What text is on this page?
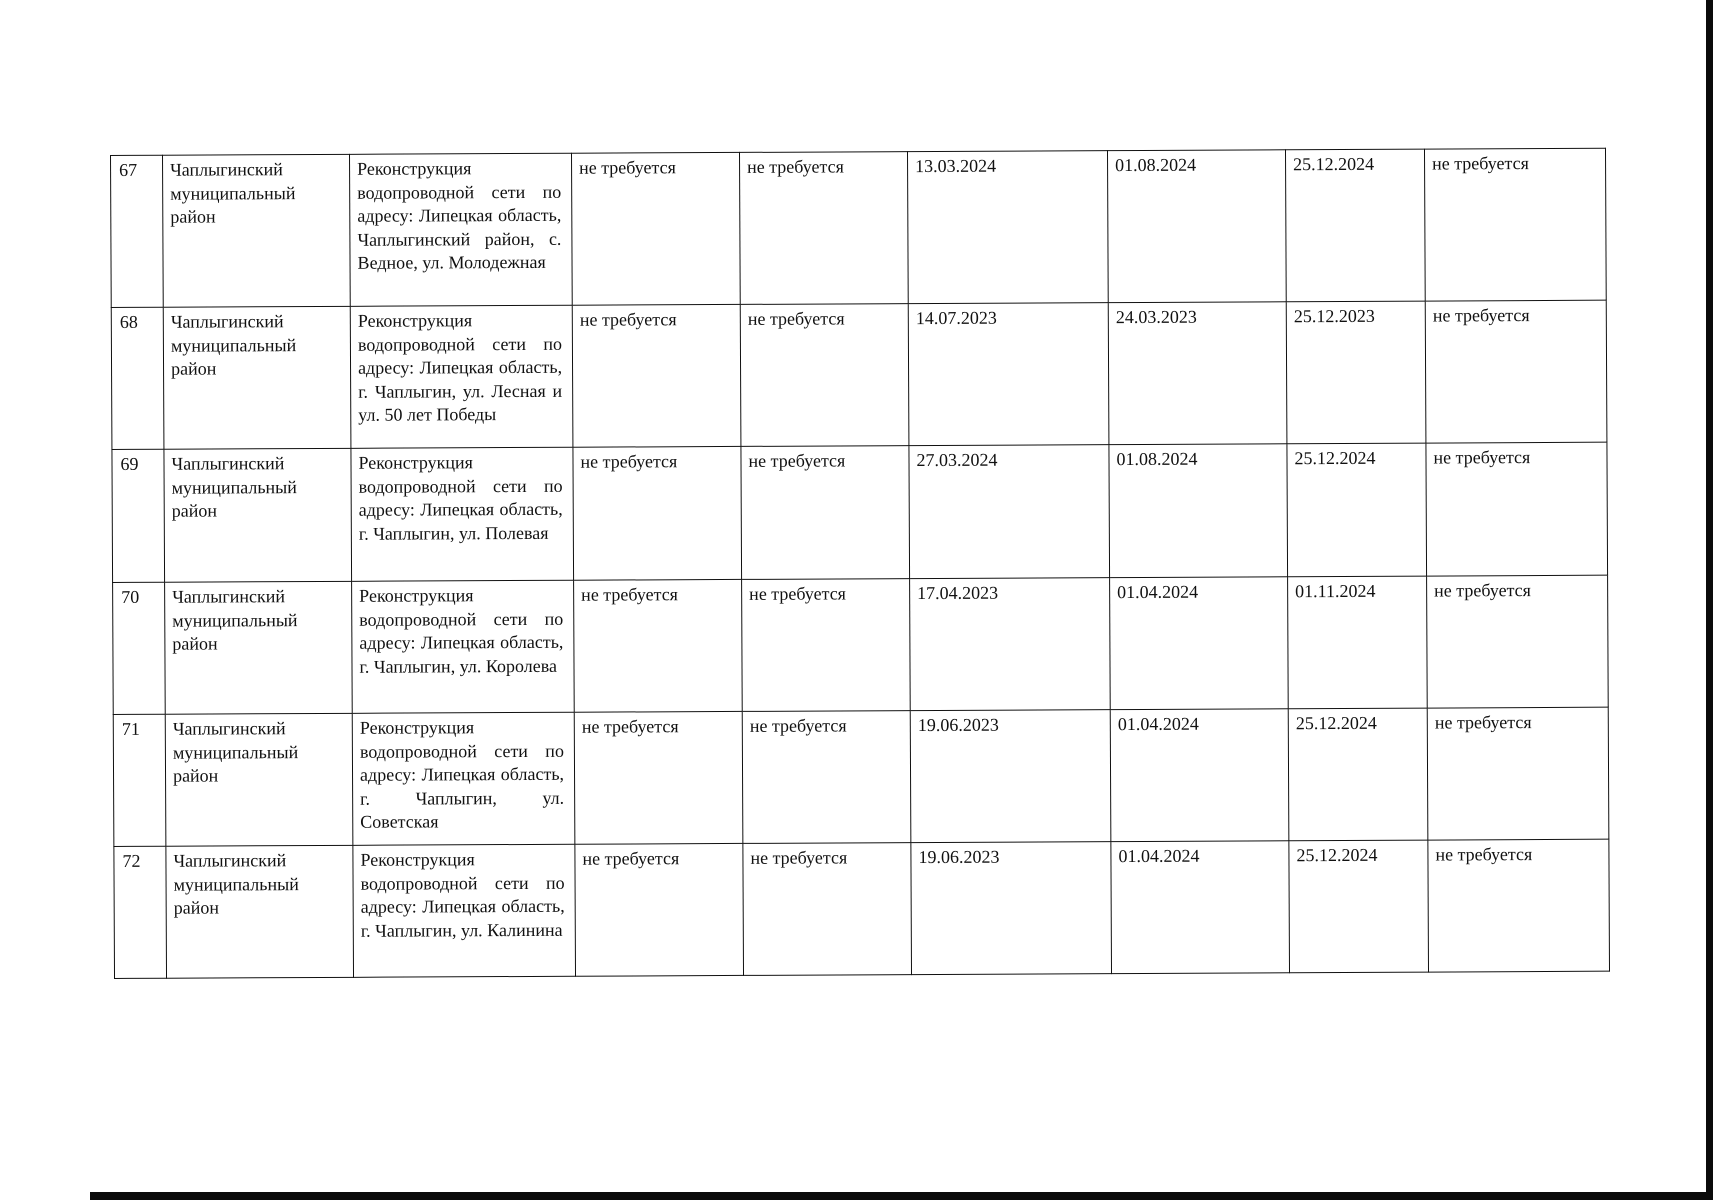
67	Чаплыгинский муниципальный район	Реконструкция водопроводной сети по адресу: Липецкая область, Чаплыгинский район, с. Ведное, ул. Молодежная	не требуется	не требуется	13.03.2024	01.08.2024	25.12.2024	не требуется
68	Чаплыгинский муниципальный район	Реконструкция водопроводной сети по адресу: Липецкая область, г. Чаплыгин, ул. Лесная и ул. 50 лет Победы	не требуется	не требуется	14.07.2023	24.03.2023	25.12.2023	не требуется
69	Чаплыгинский муниципальный район	Реконструкция водопроводной сети по адресу: Липецкая область, г. Чаплыгин, ул. Полевая	не требуется	не требуется	27.03.2024	01.08.2024	25.12.2024	не требуется
70	Чаплыгинский муниципальный район	Реконструкция водопроводной сети по адресу: Липецкая область, г. Чаплыгин, ул. Королева	не требуется	не требуется	17.04.2023	01.04.2024	01.11.2024	не требуется
71	Чаплыгинский муниципальный район	Реконструкция водопроводной сети по адресу: Липецкая область, г. Чаплыгин, ул. Советская	не требуется	не требуется	19.06.2023	01.04.2024	25.12.2024	не требуется
72	Чаплыгинский муниципальный район	Реконструкция водопроводной сети по адресу: Липецкая область, г. Чаплыгин, ул. Калинина	не требуется	не требуется	19.06.2023	01.04.2024	25.12.2024	не требуется
